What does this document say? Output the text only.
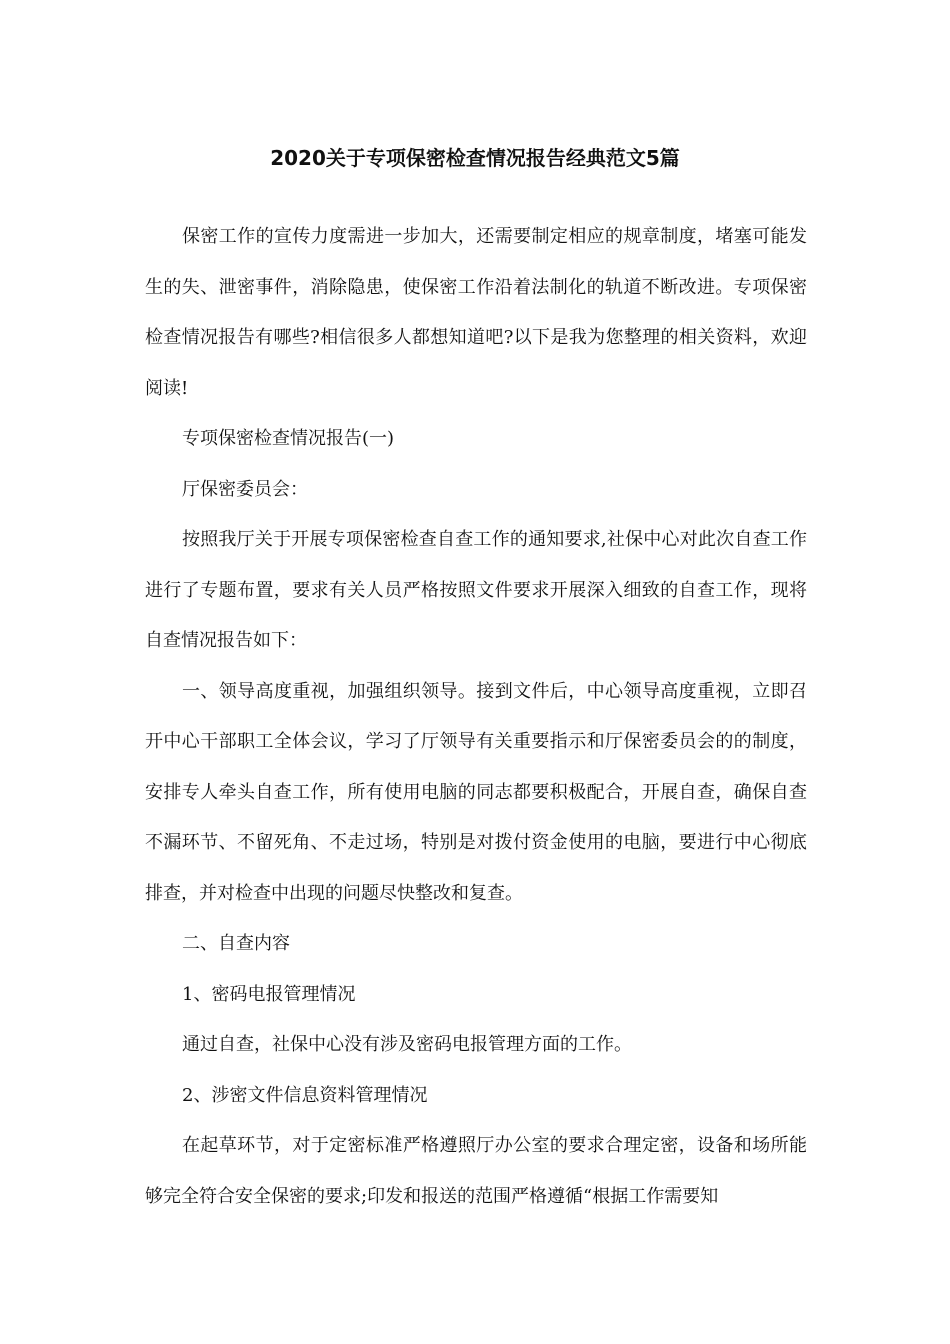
2020关于专项保密检查情况报告经典范文5篇

保密工作的宣传力度需进一步加大，还需要制定相应的规章制度，堵塞可能发生的失、泄密事件，消除隐患，使保密工作沿着法制化的轨道不断改进。专项保密检查情况报告有哪些?相信很多人都想知道吧?以下是我为您整理的相关资料，欢迎阅读!

专项保密检查情况报告(一)

厅保密委员会：

按照我厅关于开展专项保密检查自查工作的通知要求,社保中心对此次自查工作进行了专题布置，要求有关人员严格按照文件要求开展深入细致的自查工作，现将自查情况报告如下：

一、领导高度重视，加强组织领导。接到文件后，中心领导高度重视，立即召开中心干部职工全体会议，学习了厅领导有关重要指示和厅保密委员会的的制度，安排专人牵头自查工作，所有使用电脑的同志都要积极配合，开展自查，确保自查不漏环节、不留死角、不走过场，特别是对拨付资金使用的电脑，要进行中心彻底排查，并对检查中出现的问题尽快整改和复查。

二、自查内容

1、密码电报管理情况

通过自查，社保中心没有涉及密码电报管理方面的工作。

2、涉密文件信息资料管理情况

在起草环节，对于定密标准严格遵照厅办公室的要求合理定密，设备和场所能够完全符合安全保密的要求;印发和报送的范围严格遵循“根据工作需要知
